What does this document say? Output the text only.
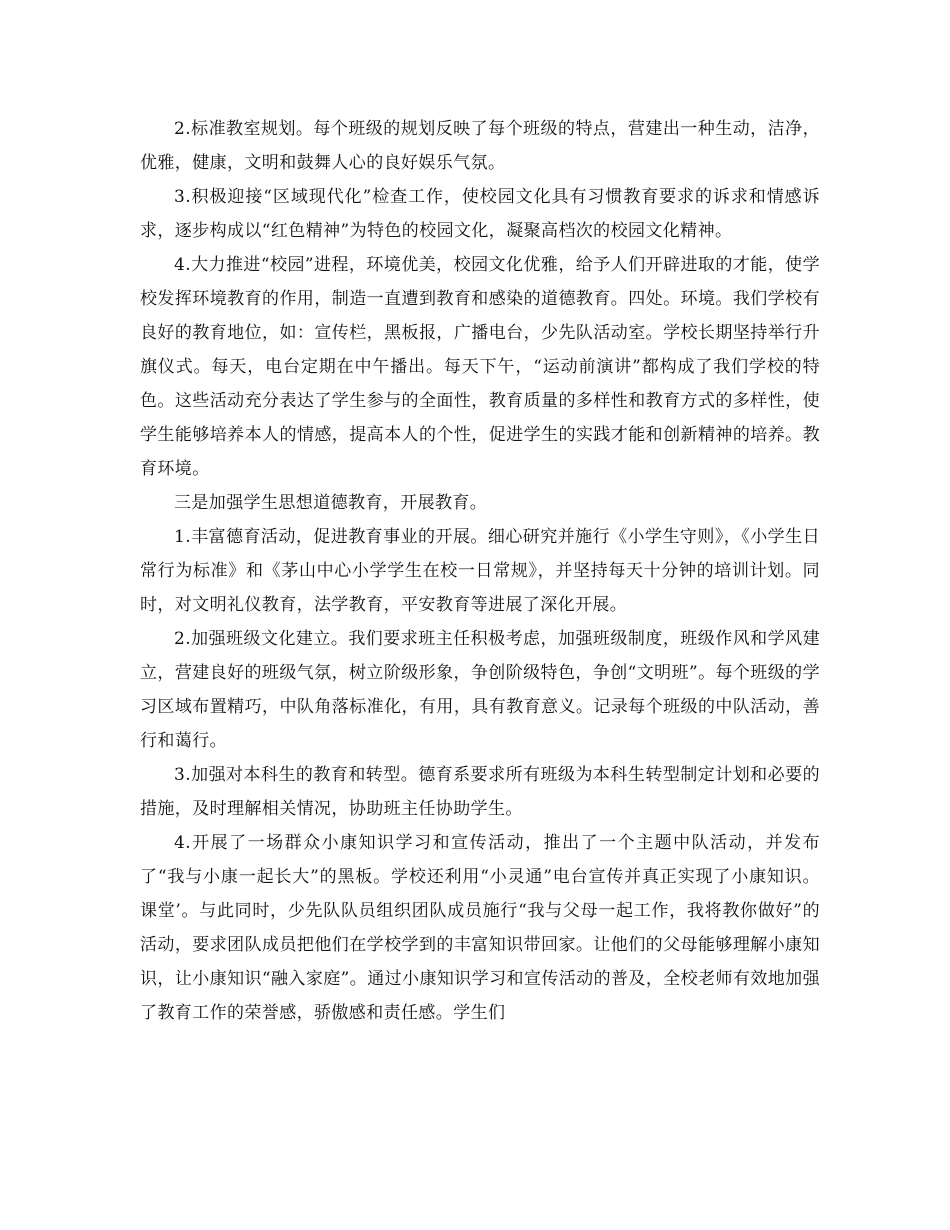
2.标准教室规划。每个班级的规划反映了每个班级的特点，营建出一种生动，洁净，优雅，健康，文明和鼓舞人心的良好娱乐气氛。

3.积极迎接“区域现代化”检查工作，使校园文化具有习惯教育要求的诉求和情感诉求，逐步构成以“红色精神”为特色的校园文化，凝聚高档次的校园文化精神。

4.大力推进“校园”进程，环境优美，校园文化优雅，给予人们开辟进取的才能，使学校发挥环境教育的作用，制造一直遭到教育和感染的道德教育。四处。环境。我们学校有良好的教育地位，如：宣传栏，黑板报，广播电台，少先队活动室。学校长期坚持举行升旗仪式。每天，电台定期在中午播出。每天下午，“运动前演讲”都构成了我们学校的特色。这些活动充分表达了学生参与的全面性，教育质量的多样性和教育方式的多样性，使学生能够培养本人的情感，提高本人的个性，促进学生的实践才能和创新精神的培养。教育环境。

三是加强学生思想道德教育，开展教育。

1.丰富德育活动，促进教育事业的开展。细心研究并施行《小学生守则》，《小学生日常行为标准》和《茅山中心小学学生在校一日常规》，并坚持每天十分钟的培训计划。同时，对文明礼仪教育，法学教育，平安教育等进展了深化开展。

2.加强班级文化建立。我们要求班主任积极考虑，加强班级制度，班级作风和学风建立，营建良好的班级气氛，树立阶级形象，争创阶级特色，争创“文明班”。每个班级的学习区域布置精巧，中队角落标准化，有用，具有教育意义。记录每个班级的中队活动，善行和蔼行。

3.加强对本科生的教育和转型。德育系要求所有班级为本科生转型制定计划和必要的措施，及时理解相关情况，协助班主任协助学生。

4.开展了一场群众小康知识学习和宣传活动，推出了一个主题中队活动，并发布了“我与小康一起长大”的黑板。学校还利用“小灵通”电台宣传并真正实现了小康知识。课堂’。与此同时，少先队队员组织团队成员施行“我与父母一起工作，我将教你做好”的活动，要求团队成员把他们在学校学到的丰富知识带回家。让他们的父母能够理解小康知识，让小康知识“融入家庭”。通过小康知识学习和宣传活动的普及，全校老师有效地加强了教育工作的荣誉感，骄傲感和责任感。学生们
